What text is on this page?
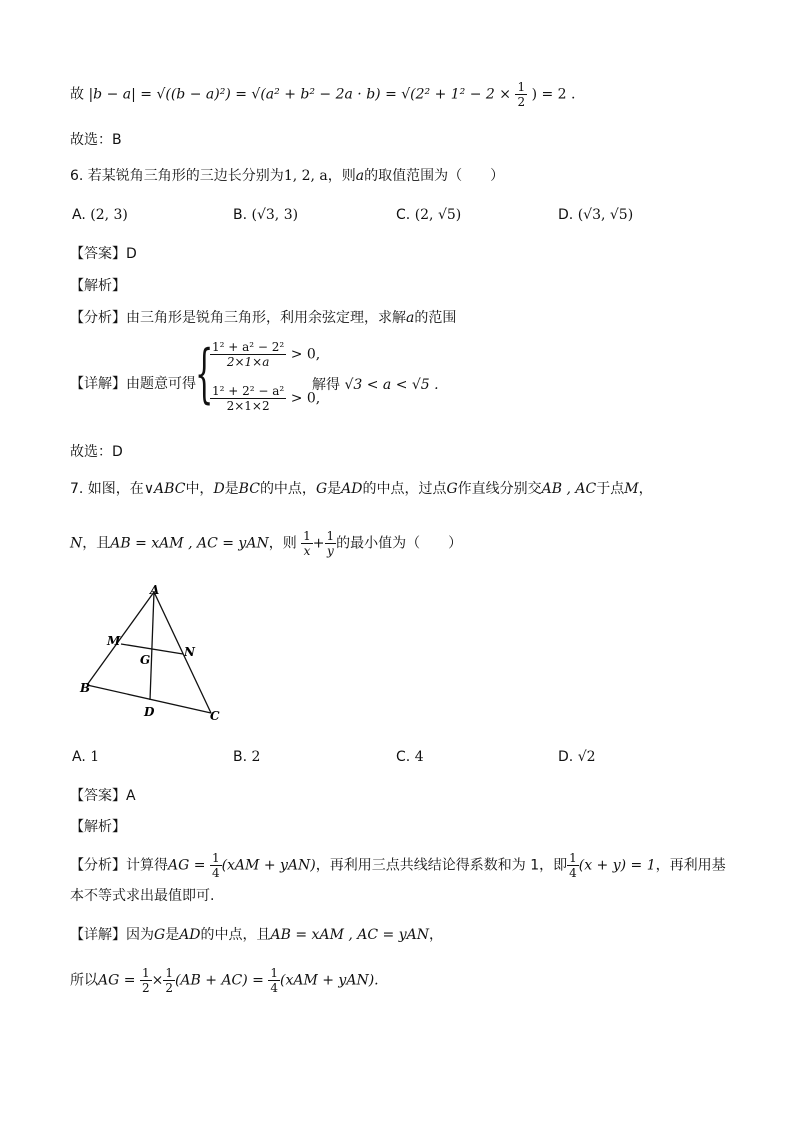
故 $|b - a| = √((b - a)^2) = √(a^2 + b^2 - 2a \cdot b) = √(2^2 + 1^2 - 2 \times \frac{1}{2}$ ) = 2 .
故选：B
6. 若某锐角三角形的三边长分别为1, 2, a，则a的取值范围为（　　）
A. (2, 3)	B. (√3, 3)	C. (2, √5)	D. (√3, √5)
【答案】D
【解析】
【分析】由三角形是锐角三角形，利用余弦定理，求解a的范围
【详解】由题意可得 {
$\frac{\text{1² + a² − 2²}}{2\times 1\times a} > 0$,
$\frac{\text{1² + 2² − a²}}{2\times 1\times 2} > 0$,
解得 √3 < a < √5 .
故选：D
7. 如图，在∨ABC中，D是BC的中点，G是AD的中点，过点G作直线分别交AB , AC于点M，
N，且AB = xAM , AC = yAN，则 $\frac{1}{x} + \frac{1}{y}$ 的最小值为（　　）
A
M
N
G
B
D	C
A. 1	B. 2	C. 4	D. √2
【答案】A
【解析】
【分析】计算得AG = $\frac{1}{4} (xAM + yAN)$，再利用三点共线结论得系数和为 1，即 $\frac{1}{4} (x + y) = 1$，再利用基
本不等式求出最值即可.
【详解】因为G是AD的中点，且AB = xAM , AC = yAN，
所以AG = $\frac{1}{2} \times \frac{1}{2} (AB + AC) = \frac{1}{4} (xAM + yAN)$.
